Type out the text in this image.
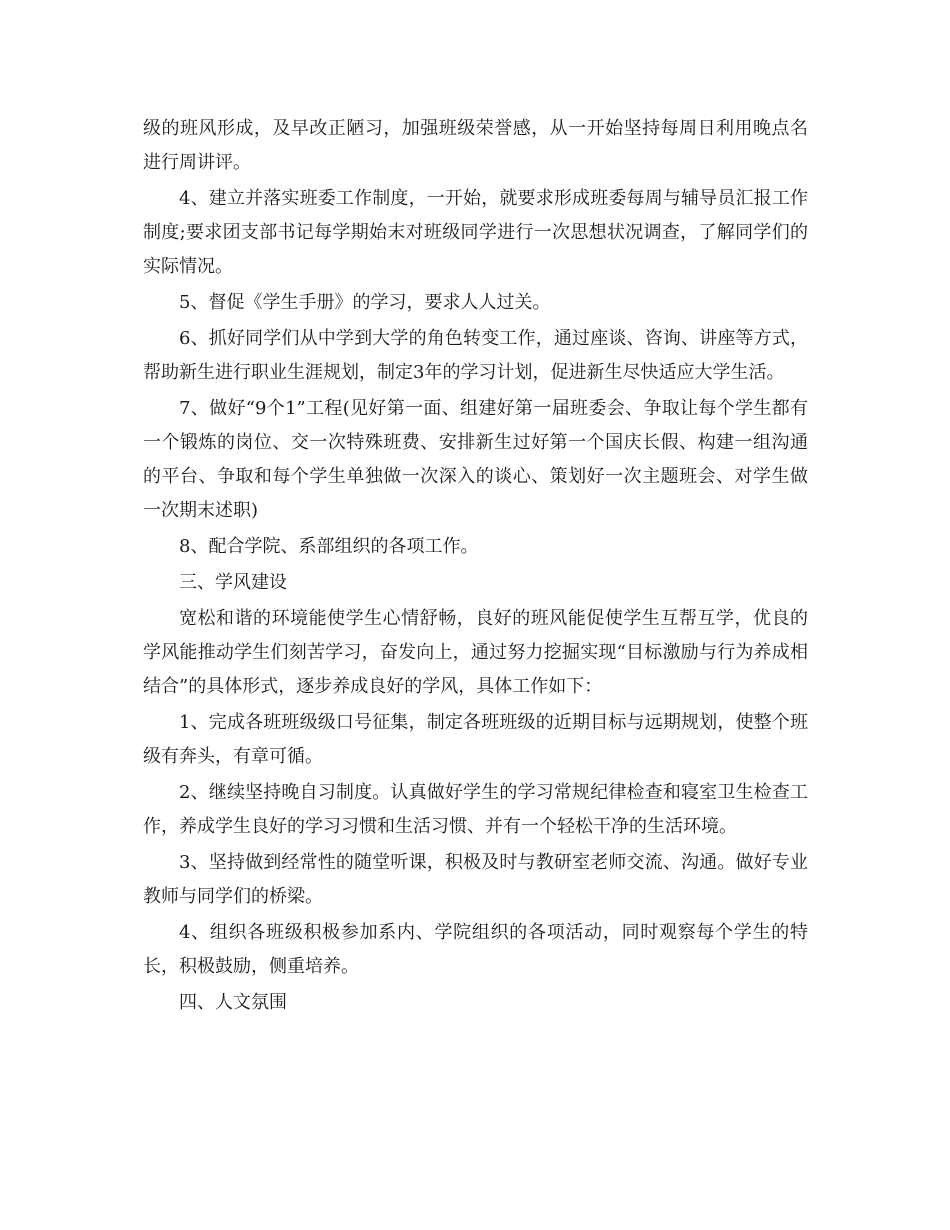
级的班风形成，及早改正陋习，加强班级荣誉感，从一开始坚持每周日利用晚点名进行周讲评。

4、建立并落实班委工作制度，一开始，就要求形成班委每周与辅导员汇报工作制度;要求团支部书记每学期始末对班级同学进行一次思想状况调查，了解同学们的实际情况。

5、督促《学生手册》的学习，要求人人过关。

6、抓好同学们从中学到大学的角色转变工作，通过座谈、咨询、讲座等方式，帮助新生进行职业生涯规划，制定3年的学习计划，促进新生尽快适应大学生活。

7、做好“9个1”工程(见好第一面、组建好第一届班委会、争取让每个学生都有一个锻炼的岗位、交一次特殊班费、安排新生过好第一个国庆长假、构建一组沟通的平台、争取和每个学生单独做一次深入的谈心、策划好一次主题班会、对学生做一次期末述职)

8、配合学院、系部组织的各项工作。

三、学风建设

宽松和谐的环境能使学生心情舒畅，良好的班风能促使学生互帮互学，优良的学风能推动学生们刻苦学习，奋发向上，通过努力挖掘实现“目标激励与行为养成相结合”的具体形式，逐步养成良好的学风，具体工作如下：

1、完成各班班级级口号征集，制定各班班级的近期目标与远期规划，使整个班级有奔头，有章可循。

2、继续坚持晚自习制度。认真做好学生的学习常规纪律检查和寝室卫生检查工作，养成学生良好的学习习惯和生活习惯、并有一个轻松干净的生活环境。

3、坚持做到经常性的随堂听课，积极及时与教研室老师交流、沟通。做好专业教师与同学们的桥梁。

4、组织各班级积极参加系内、学院组织的各项活动，同时观察每个学生的特长，积极鼓励，侧重培养。

四、人文氛围
